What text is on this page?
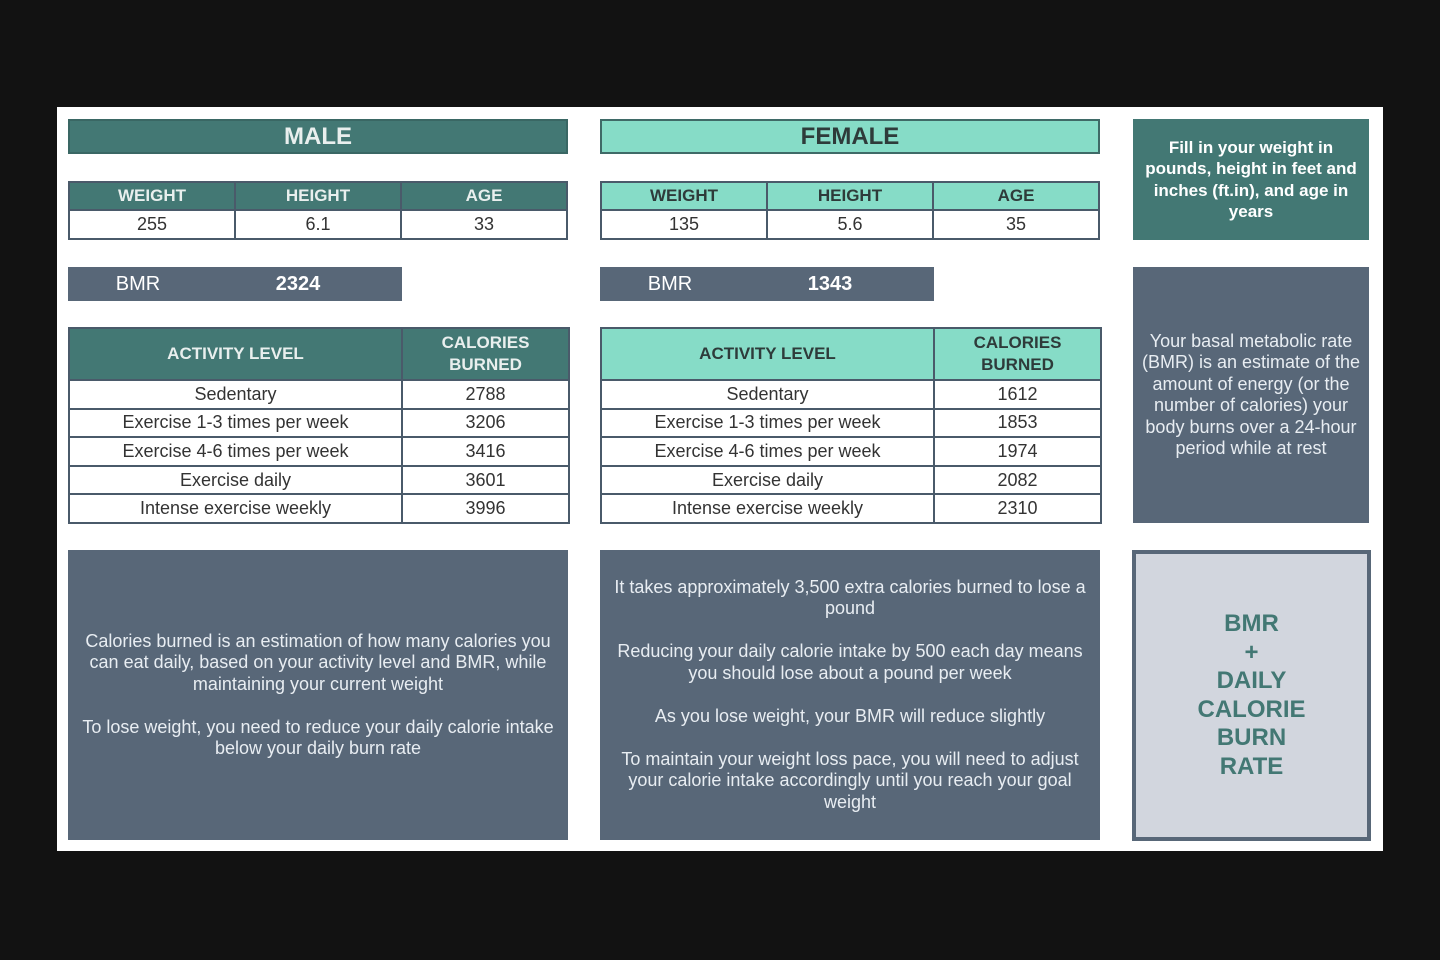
MALE
WEIGHT	HEIGHT	AGE
255	6.1	33
BMR	2324
ACTIVITY LEVEL	CALORIES
BURNED
Sedentary	2788
Exercise 1-3 times per week	3206
Exercise 4-6 times per week	3416
Exercise daily	3601
Intense exercise weekly	3996

Calories burned is an estimation of how many calories you can eat daily, based on your activity level and BMR, while maintaining your current weight

To lose weight, you need to reduce your daily calorie intake below your daily burn rate

FEMALE
WEIGHT	HEIGHT	AGE
135	5.6	35
BMR	1343
ACTIVITY LEVEL	CALORIES
BURNED
Sedentary	1612
Exercise 1-3 times per week	1853
Exercise 4-6 times per week	1974
Exercise daily	2082
Intense exercise weekly	2310

It takes approximately 3,500 extra calories burned to lose a pound

Reducing your daily calorie intake by 500 each day means you should lose about a pound per week

As you lose weight, your BMR will reduce slightly

To maintain your weight loss pace, you will need to adjust your calorie intake accordingly until you reach your goal weight

Fill in your weight in pounds, height in feet and inches (ft.in), and age in years

Your basal metabolic rate (BMR) is an estimate of the amount of energy (or the number of calories) your body burns over a 24-hour period while at rest

BMR
+
DAILY
CALORIE
BURN
RATE
